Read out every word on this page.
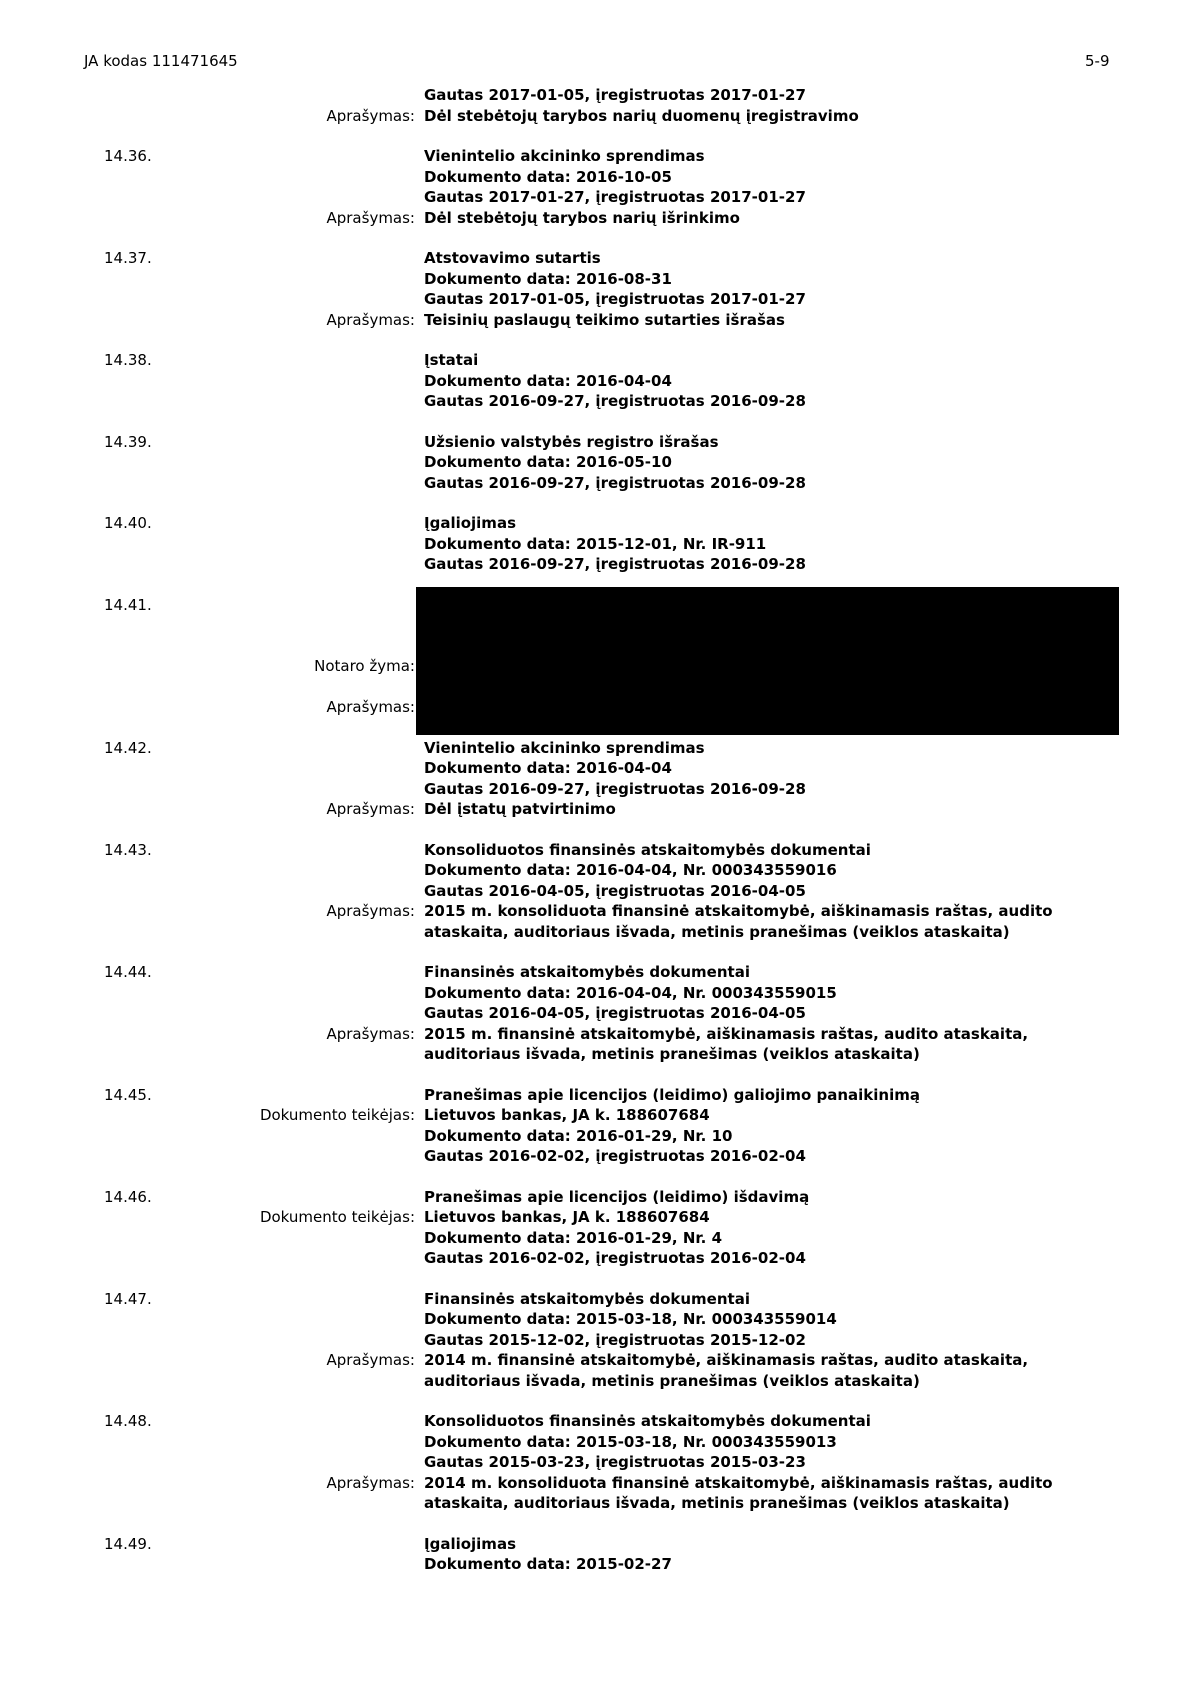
JA kodas 111471645	5-9
Gautas 2017-01-05, įregistruotas 2017-01-27
Aprašymas: Dėl stebėtojų tarybos narių duomenų įregistravimo
14.36.	Vienintelio akcininko sprendimas
Dokumento data: 2016-10-05
Gautas 2017-01-27, įregistruotas 2017-01-27
Aprašymas: Dėl stebėtojų tarybos narių išrinkimo
14.37.	Atstovavimo sutartis
Dokumento data: 2016-08-31
Gautas 2017-01-05, įregistruotas 2017-01-27
Aprašymas: Teisinių paslaugų teikimo sutarties išrašas
14.38.	Įstatai
Dokumento data: 2016-04-04
Gautas 2016-09-27, įregistruotas 2016-09-28
14.39.	Užsienio valstybės registro išrašas
Dokumento data: 2016-05-10
Gautas 2016-09-27, įregistruotas 2016-09-28
14.40.	Įgaliojimas
Dokumento data: 2015-12-01, Nr. IR-911
Gautas 2016-09-27, įregistruotas 2016-09-28
14.41.
Notaro žyma:
Aprašymas:
14.42.	Vienintelio akcininko sprendimas
Dokumento data: 2016-04-04
Gautas 2016-09-27, įregistruotas 2016-09-28
Aprašymas: Dėl įstatų patvirtinimo
14.43.	Konsoliduotos finansinės atskaitomybės dokumentai
Dokumento data: 2016-04-04, Nr. 000343559016
Gautas 2016-04-05, įregistruotas 2016-04-05
Aprašymas: 2015 m. konsoliduota finansinė atskaitomybė, aiškinamasis raštas, audito ataskaita, auditoriaus išvada, metinis pranešimas (veiklos ataskaita)
14.44.	Finansinės atskaitomybės dokumentai
Dokumento data: 2016-04-04, Nr. 000343559015
Gautas 2016-04-05, įregistruotas 2016-04-05
Aprašymas: 2015 m. finansinė atskaitomybė, aiškinamasis raštas, audito ataskaita, auditoriaus išvada, metinis pranešimas (veiklos ataskaita)
14.45.	Pranešimas apie licencijos (leidimo) galiojimo panaikinimą
Dokumento teikėjas: Lietuvos bankas, JA k. 188607684
Dokumento data: 2016-01-29, Nr. 10
Gautas 2016-02-02, įregistruotas 2016-02-04
14.46.	Pranešimas apie licencijos (leidimo) išdavimą
Dokumento teikėjas: Lietuvos bankas, JA k. 188607684
Dokumento data: 2016-01-29, Nr. 4
Gautas 2016-02-02, įregistruotas 2016-02-04
14.47.	Finansinės atskaitomybės dokumentai
Dokumento data: 2015-03-18, Nr. 000343559014
Gautas 2015-12-02, įregistruotas 2015-12-02
Aprašymas: 2014 m. finansinė atskaitomybė, aiškinamasis raštas, audito ataskaita, auditoriaus išvada, metinis pranešimas (veiklos ataskaita)
14.48.	Konsoliduotos finansinės atskaitomybės dokumentai
Dokumento data: 2015-03-18, Nr. 000343559013
Gautas 2015-03-23, įregistruotas 2015-03-23
Aprašymas: 2014 m. konsoliduota finansinė atskaitomybė, aiškinamasis raštas, audito ataskaita, auditoriaus išvada, metinis pranešimas (veiklos ataskaita)
14.49.	Įgaliojimas
Dokumento data: 2015-02-27
